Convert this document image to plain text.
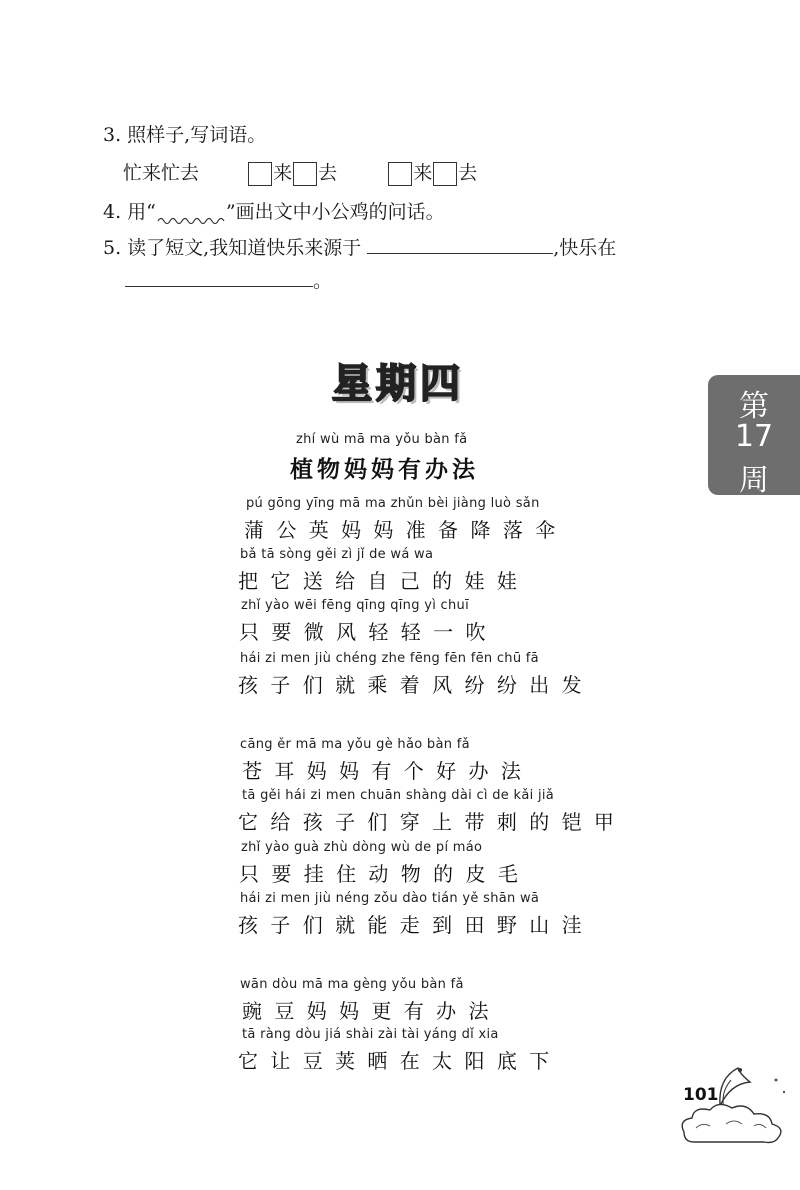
3. 照样子,写词语。
忙来忙去	来 去	来 去
4. 用“	”画出文中小公鸡的问话。
5. 读了短文,我知道快乐来源于	,快乐在
。
星期四	第
17
周
zhí wù mā ma yǒu bàn fǎ
植物妈妈有办法
pú gōng yīng mā ma zhǔn bèi jiàng luò sǎn
蒲 公 英 妈 妈 准 备 降 落 伞
bǎ tā sòng gěi zì jǐ de wá wa
把 它 送 给 自 己 的 娃 娃
zhǐ yào wēi fēng qīng qīng yì chuī
只 要 微 风 轻 轻 一 吹
hái zi men jiù chéng zhe fēng fēn fēn chū fā
孩 子 们 就 乘 着 风 纷 纷 出 发
cāng ěr mā ma yǒu gè hǎo bàn fǎ
苍 耳 妈 妈 有 个 好 办 法
tā gěi hái zi men chuān shàng dài cì de kǎi jiǎ
它 给 孩 子 们 穿 上 带 刺 的 铠 甲
zhǐ yào guà zhù dòng wù de pí máo
只 要 挂 住 动 物 的 皮 毛
hái zi men jiù néng zǒu dào tián yě shān wā
孩 子 们 就 能 走 到 田 野 山 洼
wān dòu mā ma gèng yǒu bàn fǎ
豌 豆 妈 妈 更 有 办 法
tā ràng dòu jiá shài zài tài yáng dǐ xia
它 让 豆 荚 晒 在 太 阳 底 下
101
